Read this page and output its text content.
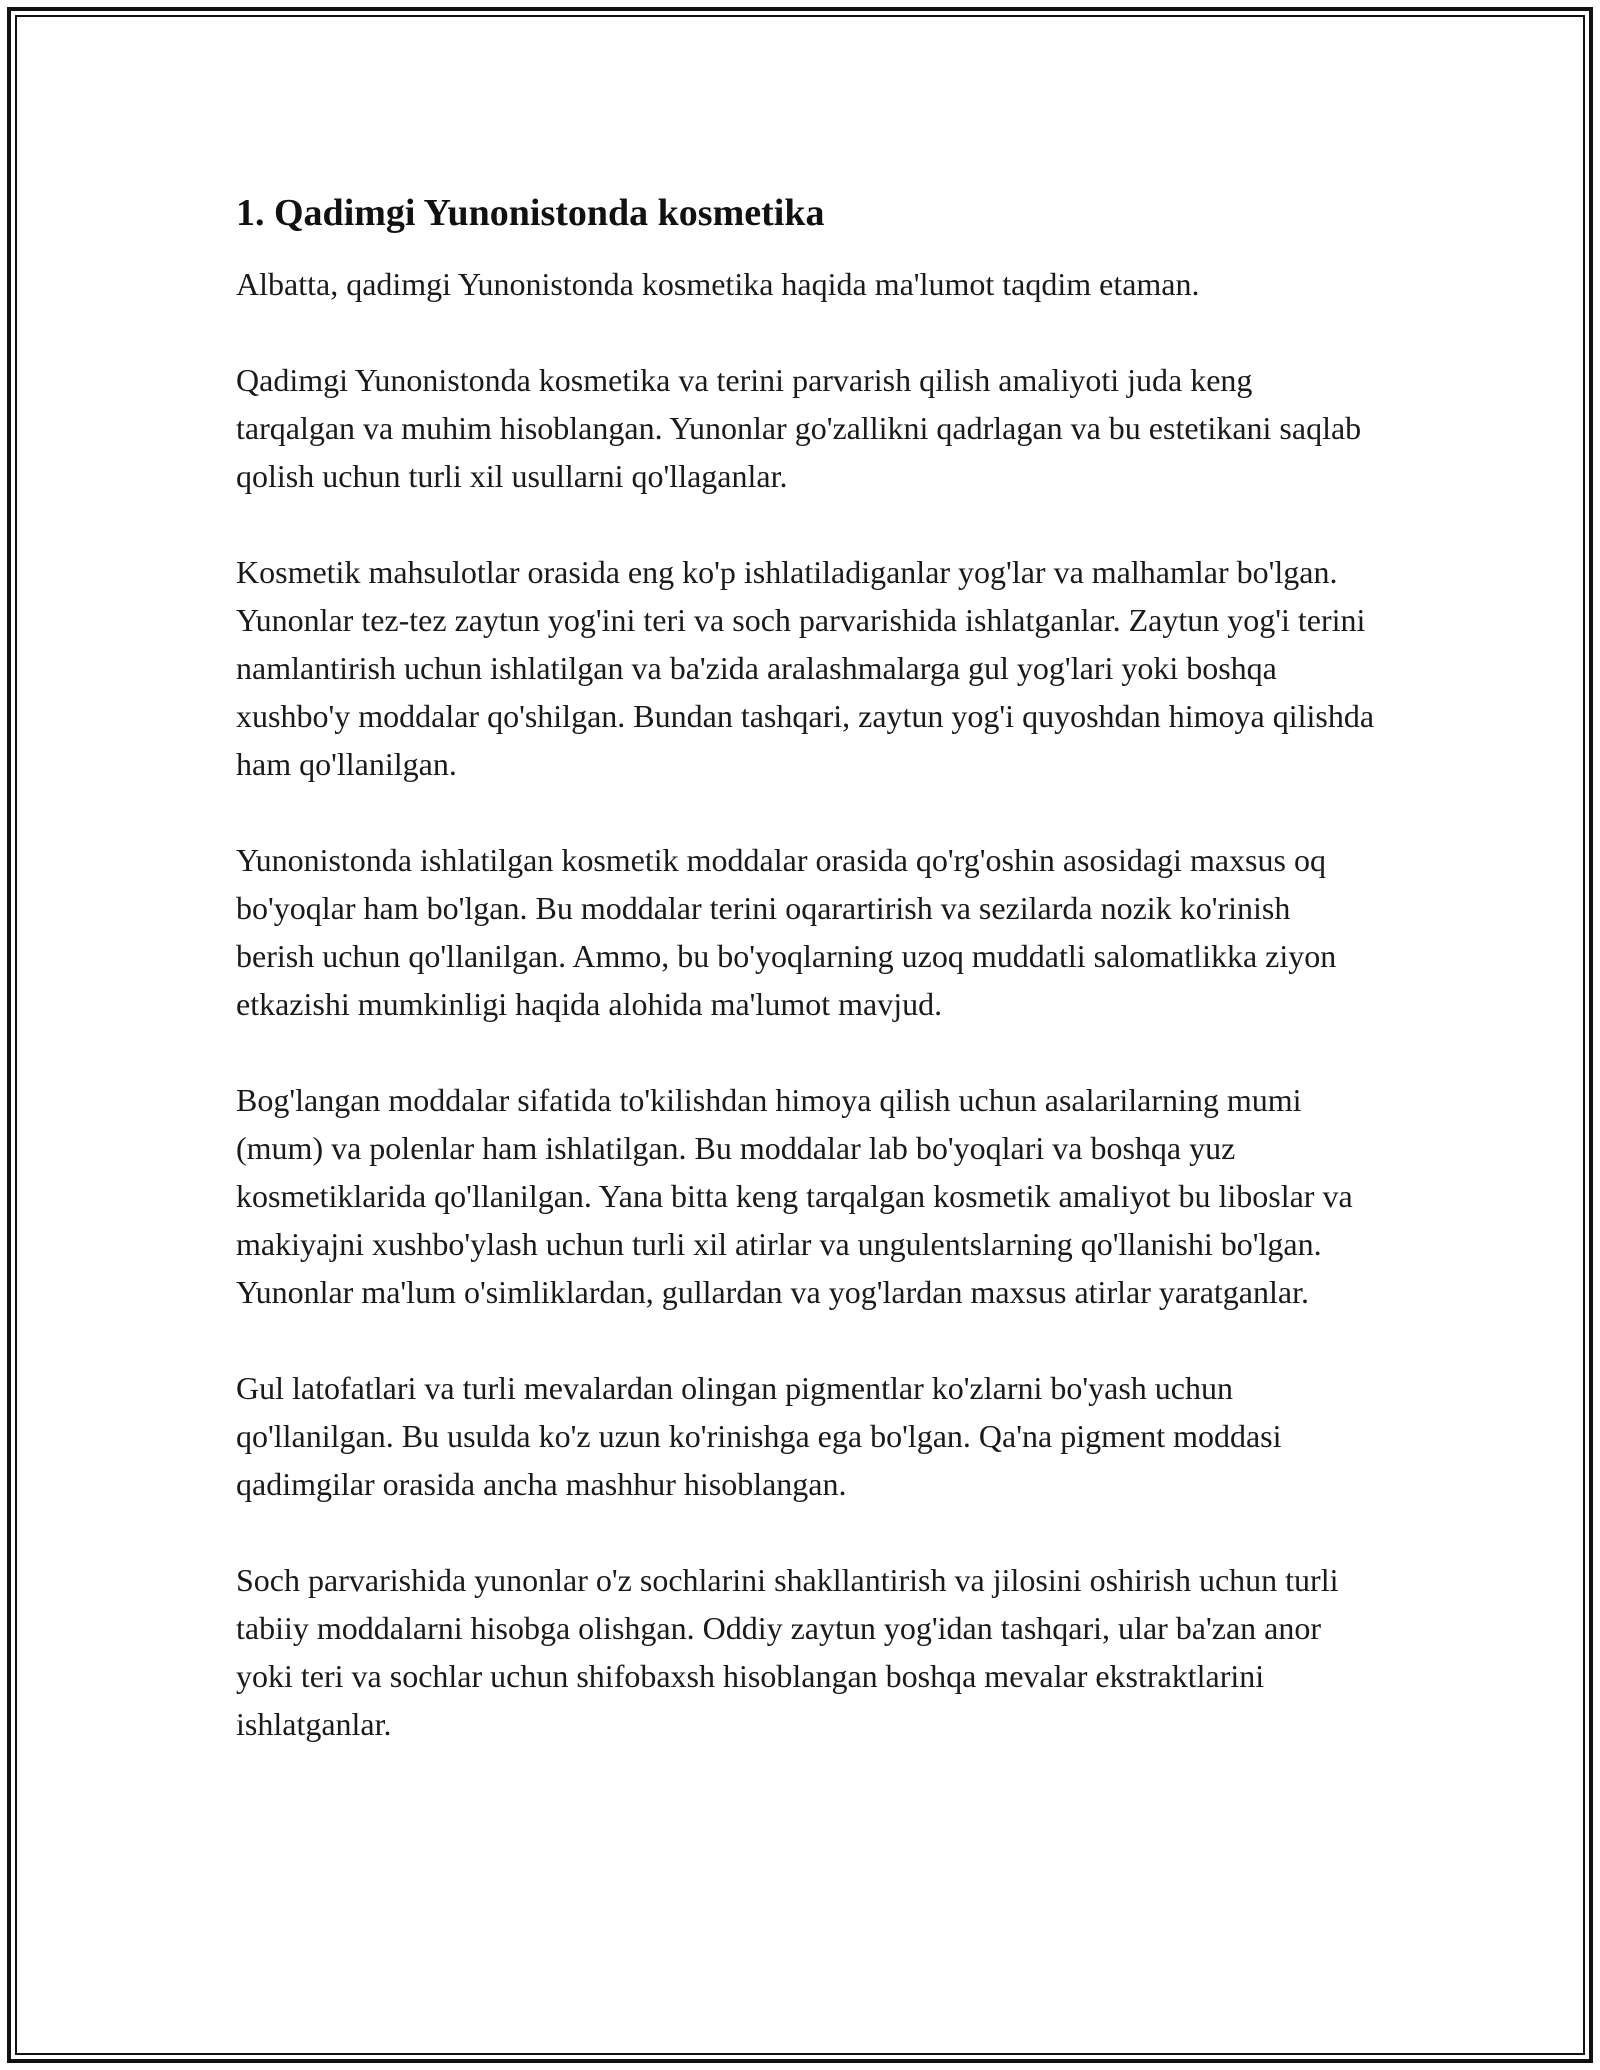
1. Qadimgi Yunonistonda kosmetika

Albatta, qadimgi Yunonistonda kosmetika haqida ma'lumot taqdim etaman.

Qadimgi Yunonistonda kosmetika va terini parvarish qilish amaliyoti juda keng tarqalgan va muhim hisoblangan. Yunonlar go'zallikni qadrlagan va bu estetikani saqlab qolish uchun turli xil usullarni qo'llaganlar.

Kosmetik mahsulotlar orasida eng ko'p ishlatiladiganlar yog'lar va malhamlar bo'lgan. Yunonlar tez-tez zaytun yog'ini teri va soch parvarishida ishlatganlar. Zaytun yog'i terini namlantirish uchun ishlatilgan va ba'zida aralashmalarga gul yog'lari yoki boshqa xushbo'y moddalar qo'shilgan. Bundan tashqari, zaytun yog'i quyoshdan himoya qilishda ham qo'llanilgan.

Yunonistonda ishlatilgan kosmetik moddalar orasida qo'rg'oshin asosidagi maxsus oq bo'yoqlar ham bo'lgan. Bu moddalar terini oqarartirish va sezilarda nozik ko'rinish berish uchun qo'llanilgan. Ammo, bu bo'yoqlarning uzoq muddatli salomatlikka ziyon etkazishi mumkinligi haqida alohida ma'lumot mavjud.

Bog'langan moddalar sifatida to'kilishdan himoya qilish uchun asalarilarning mumi (mum) va polenlar ham ishlatilgan. Bu moddalar lab bo'yoqlari va boshqa yuz kosmetiklarida qo'llanilgan. Yana bitta keng tarqalgan kosmetik amaliyot bu liboslar va makiyajni xushbo'ylash uchun turli xil atirlar va ungulentslarning qo'llanishi bo'lgan. Yunonlar ma'lum o'simliklardan, gullardan va yog'lardan maxsus atirlar yaratganlar.

Gul latofatlari va turli mevalardan olingan pigmentlar ko'zlarni bo'yash uchun qo'llanilgan. Bu usulda ko'z uzun ko'rinishga ega bo'lgan. Qa'na pigment moddasi qadimgilar orasida ancha mashhur hisoblangan.

Soch parvarishida yunonlar o'z sochlarini shakllantirish va jilosini oshirish uchun turli tabiiy moddalarni hisobga olishgan. Oddiy zaytun yog'idan tashqari, ular ba'zan anor yoki teri va sochlar uchun shifobaxsh hisoblangan boshqa mevalar ekstraktlarini ishlatganlar.
